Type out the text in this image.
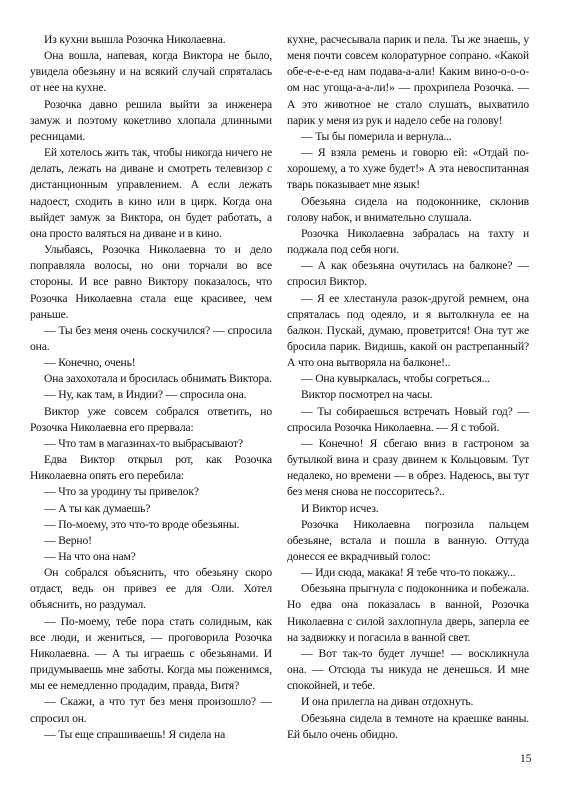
Из кухни вышла Розочка Николаевна.

Она вошла, напевая, когда Виктора не было, увидела обезьяну и на всякий случай спряталась от нее на кухне.

Розочка давно решила выйти за инженера замуж и поэтому кокетливо хлопала длинными ресницами.

Ей хотелось жить так, чтобы никогда ничего не делать, лежать на диване и смотреть телевизор с дистанционным управлением. А если лежать надоест, сходить в кино или в цирк. Когда она выйдет замуж за Виктора, он будет работать, а она просто валяться на диване и в кино.

Улыбаясь, Розочка Николаевна то и дело поправляла волосы, но они торчали во все стороны. И все равно Виктору показалось, что Розочка Николаевна стала еще красивее, чем раньше.

— Ты без меня очень соскучился? — спросила она.

— Конечно, очень!

Она захохотала и бросилась обнимать Виктора.

— Ну, как там, в Индии? — спросила она.

Виктор уже совсем собрался ответить, но Розочка Николаевна его прервала:

— Что там в магазинах-то выбрасывают?

Едва Виктор открыл рот, как Розочка Николаевна опять его перебила:

— Что за уродину ты привелок?

— А ты как думаешь?

— По-моему, это что-то вроде обезьяны.

— Верно!

— На что она нам?

Он собрался объяснить, что обезьяну скоро отдаст, ведь он привез ее для Оли. Хотел объяснить, но раздумал.

— По-моему, тебе пора стать солидным, как все люди, и жениться, — проговорила Розочка Николаевна. — А ты играешь с обезьянами. И придумываешь мне заботы. Когда мы поженимся, мы ее немедленно продадим, правда, Витя?

— Скажи, а что тут без меня произошло? — спросил он.

— Ты еще спрашиваешь! Я сидела на

кухне, расчесывала парик и пела. Ты же знаешь, у меня почти совсем колоратурное сопрано. «Какой обе-е-е-е-ед нам подава-а-али! Каким вино-о-о-о-ом нас угоща-а-а-ли!» — прохрипела Розочка. — А это животное не стало слушать, выхватило парик у меня из рук и надело себе на голову!

— Ты бы померила и вернула...

— Я взяла ремень и говорю ей: «Отдай по-хорошему, а то хуже будет!» А эта невоспитанная тварь показывает мне язык!

Обезьяна сидела на подоконнике, склонив голову набок, и внимательно слушала.

Розочка Николаевна забралась на тахту и поджала под себя ноги.

— А как обезьяна очутилась на балконе? — спросил Виктор.

— Я ее хлестанула разок-другой ремнем, она спряталась под одеяло, и я вытолкнула ее на балкон. Пускай, думаю, проветрится! Она тут же бросила парик. Видишь, какой он растрепанный? А что она вытворяла на балконе!..

— Она кувыркалась, чтобы согреться...

Виктор посмотрел на часы.

— Ты собираешься встречать Новый год? — спросила Розочка Николаевна. — Я с тобой.

— Конечно! Я сбегаю вниз в гастроном за бутылкой вина и сразу двинем к Кольцовым. Тут недалеко, но времени — в обрез. Надеюсь, вы тут без меня снова не поссоритесь?..

И Виктор исчез.

Розочка Николаевна погрозила пальцем обезьяне, встала и пошла в ванную. Оттуда донесся ее вкрадчивый голос:

— Иди сюда, макака! Я тебе что-то покажу...

Обезьяна прыгнула с подоконника и побежала. Но едва она показалась в ванной, Розочка Николаевна с силой захлопнула дверь, заперла ее на задвижку и погасила в ванной свет.

— Вот так-то будет лучше! — воскликнула она. — Отсюда ты никуда не денешься. И мне спокойней, и тебе.

И она прилегла на диван отдохнуть.

Обезьяна сидела в темноте на краешке ванны. Ей было очень обидно.

15
